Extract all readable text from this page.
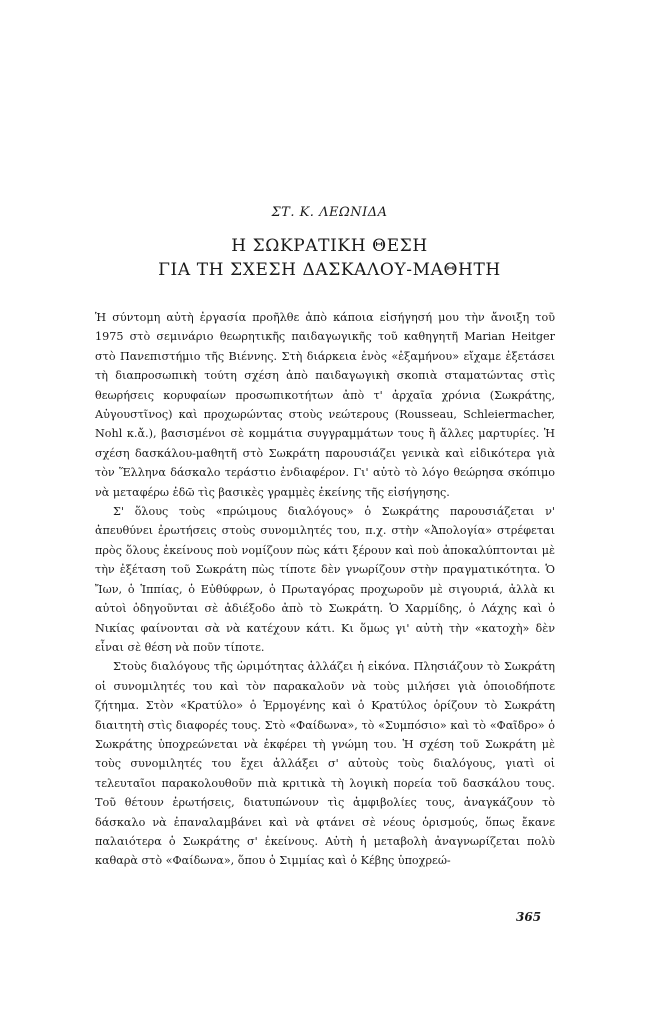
ΣΤ. Κ. ΛΕΩΝΙΔΑ

Η ΣΩΚΡΑΤΙΚΗ ΘΕΣΗ
ΓΙΑ ΤΗ ΣΧΕΣΗ ΔΑΣΚΑΛΟΥ-ΜΑΘΗΤΗ

Ἡ σύντομη αὐτὴ ἐργασία προῆλθε ἀπὸ κάποια εἰσήγησή μου τὴν ἄνοιξη τοῦ 1975 στὸ σεμινάριο θεωρητικῆς παιδαγωγικῆς τοῦ καθηγητῆ Marian Heitger στὸ Πανεπιστήμιο τῆς Βιέννης. Στὴ διάρκεια ἑνὸς «ἑξαμήνου» εἴχαμε ἐξετάσει τὴ διαπροσωπικὴ τούτη σχέση ἀπὸ παιδαγωγικὴ σκοπιὰ σταματώντας στὶς θεωρήσεις κορυφαίων προσωπικοτήτων ἀπὸ τ' ἀρχαῖα χρόνια (Σωκράτης, Αὐγουστῖνος) καὶ προχωρώντας στοὺς νεώτερους (Rousseau, Schleiermacher, Nohl κ.ἄ.), βασισμένοι σὲ κομμάτια συγγραμμάτων τους ἢ ἄλλες μαρτυρίες. Ἡ σχέση δασκάλου-μαθητῆ στὸ Σωκράτη παρουσιάζει γενικὰ καὶ εἰδικότερα γιὰ τὸν Ἕλληνα δάσκαλο τεράστιο ἐνδιαφέρον. Γι' αὐτὸ τὸ λόγο θεώρησα σκόπιμο νὰ μεταφέρω ἐδῶ τὶς βασικὲς γραμμὲς ἐκείνης τῆς εἰσήγησης.

Σ' ὅλους τοὺς «πρώιμους διαλόγους» ὁ Σωκράτης παρουσιάζεται ν' ἀπευθύνει ἐρωτήσεις στοὺς συνομιλητές του, π.χ. στὴν «Ἀπολογία» στρέφεται πρὸς ὅλους ἐκείνους ποὺ νομίζουν πὼς κάτι ξέρουν καὶ ποὺ ἀποκαλύπτονται μὲ τὴν ἐξέταση τοῦ Σωκράτη πὼς τίποτε δὲν γνωρίζουν στὴν πραγματικότητα. Ὁ Ἴων, ὁ Ἱππίας, ὁ Εὐθύφρων, ὁ Πρωταγόρας προχωροῦν μὲ σιγουριά, ἀλλὰ κι αὐτοὶ ὁδηγοῦνται σὲ ἀδιέξοδο ἀπὸ τὸ Σωκράτη. Ὁ Χαρμίδης, ὁ Λάχης καὶ ὁ Νικίας φαίνονται σὰ νὰ κατέχουν κάτι. Κι ὅμως γι' αὐτὴ τὴν «κατοχὴ» δὲν εἶναι σὲ θέση νὰ ποῦν τίποτε.

Στοὺς διαλόγους τῆς ὡριμότητας ἀλλάζει ἡ εἰκόνα. Πλησιάζουν τὸ Σωκράτη οἱ συνομιλητές του καὶ τὸν παρακαλοῦν νὰ τοὺς μιλήσει γιὰ ὁποιοδήποτε ζήτημα. Στὸν «Κρατύλο» ὁ Ἑρμογένης καὶ ὁ Κρατύλος ὁρίζουν τὸ Σωκράτη διαιτητὴ στὶς διαφορές τους. Στὸ «Φαίδωνα», τὸ «Συμπόσιο» καὶ τὸ «Φαῖδρο» ὁ Σωκράτης ὑποχρεώνεται νὰ ἐκφέρει τὴ γνώμη του. Ἡ σχέση τοῦ Σωκράτη μὲ τοὺς συνομιλητές του ἔχει ἀλλάξει σ' αὐτοὺς τοὺς διαλόγους, γιατὶ οἱ τελευταῖοι παρακολουθοῦν πιὰ κριτικὰ τὴ λογικὴ πορεία τοῦ δασκάλου τους. Τοῦ θέτουν ἐρωτήσεις, διατυπώνουν τὶς ἀμφιβολίες τους, ἀναγκάζουν τὸ δάσκαλο νὰ ἐπαναλαμβάνει καὶ νὰ φτάνει σὲ νέους ὁρισμούς, ὅπως ἔκανε παλαιότερα ὁ Σωκράτης σ' ἐκείνους. Αὐτὴ ἡ μεταβολὴ ἀναγνωρίζεται πολὺ καθαρὰ στὸ «Φαίδωνα», ὅπου ὁ Σιμμίας καὶ ὁ Κέβης ὑποχρεώ-

365
